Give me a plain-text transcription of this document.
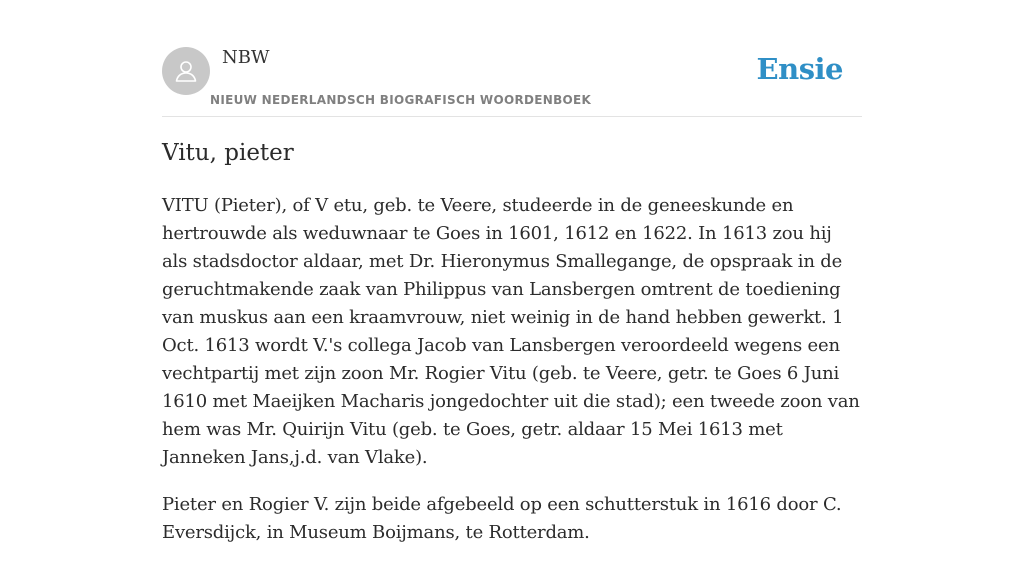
NBW
NIEUW NEDERLANDSCH BIOGRAFISCH WOORDENBOEK
Ensie
Vitu, pieter

VITU (Pieter), of V etu, geb. te Veere, studeerde in de geneeskunde en hertrouwde als weduwnaar te Goes in 1601, 1612 en 1622. In 1613 zou hij als stadsdoctor aldaar, met Dr. Hieronymus Smallegange, de opspraak in de geruchtmakende zaak van Philippus van Lansbergen omtrent de toediening van muskus aan een kraamvrouw, niet weinig in de hand hebben gewerkt. 1 Oct. 1613 wordt V.'s collega Jacob van Lansbergen veroordeeld wegens een vechtpartij met zijn zoon Mr. Rogier Vitu (geb. te Veere, getr. te Goes 6 Juni 1610 met Maeijken Macharis jongedochter uit die stad); een tweede zoon van hem was Mr. Quirijn Vitu (geb. te Goes, getr. aldaar 15 Mei 1613 met Janneken Jans,j.d. van Vlake).

Pieter en Rogier V. zijn beide afgebeeld op een schutterstuk in 1616 door C. Eversdijck, in Museum Boijmans, te Rotterdam.
